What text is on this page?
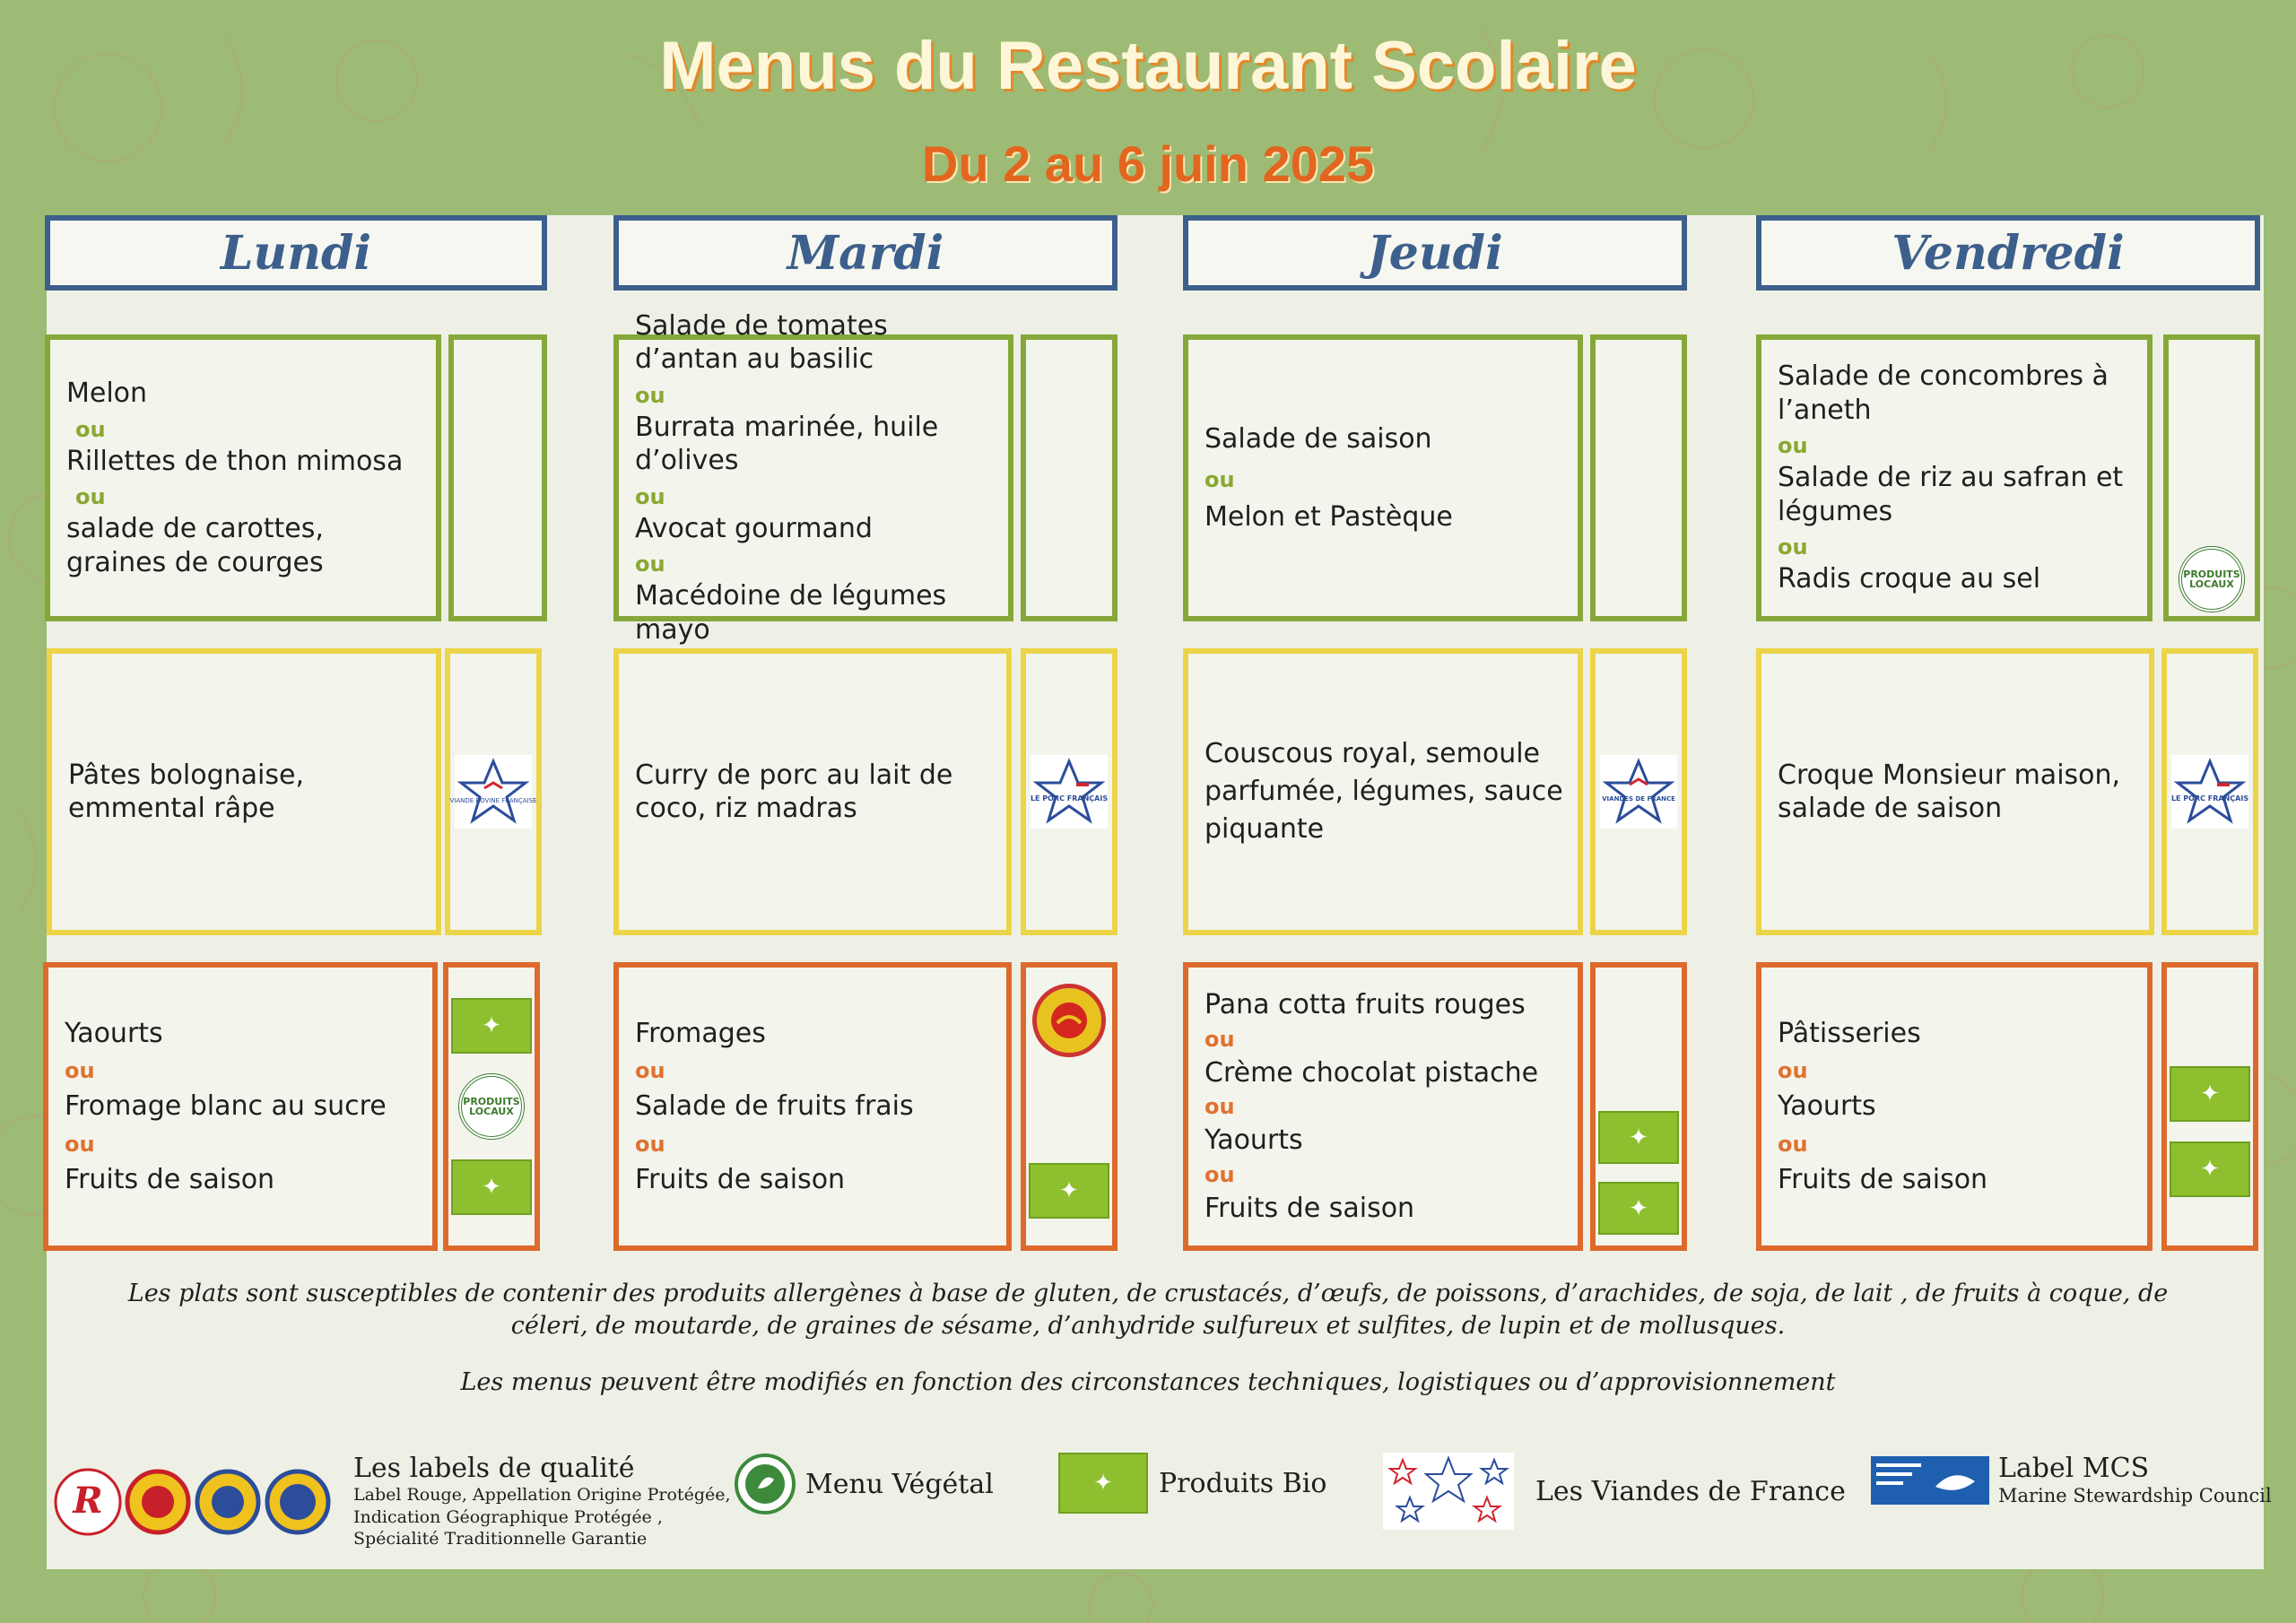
Menus du Restaurant Scolaire
Du 2 au 6 juin 2025
Lundi	Mardi	Jeudi	Vendredi
Melon
ou
Rillettes de thon mimosa
ou
salade de carottes, graines de courges
Pâtes bolognaise, emmental râpe	VIANDE BOVINE FRANÇAISE
Yaourts
ou
Fromage blanc au sucre
ou
Fruits de saison
✦
PRODUITS LOCAUX
✦
Salade de tomates d’antan au basilic
ou
Burrata marinée, huile d’olives
ou
Avocat gourmand
ou
Macédoine de légumes mayo
Curry de porc au lait de coco, riz madras	LE PORC FRANÇAIS
Fromages
ou
Salade de fruits frais
ou
Fruits de saison	✦
Salade de saison
ou
Melon et Pastèque
Couscous royal, semoule parfumée, légumes, sauce piquante
VIANDES DE FRANCE
Pana cotta fruits rouges
ou
Crème chocolat pistache
ou
Yaourts
ou
Fruits de saison
✦
✦
Salade de concombres à l’aneth
ou
Salade de riz au safran et légumes
ou
Radis croque au sel	PRODUITS LOCAUX
Croque Monsieur maison, salade de saison	LE PORC FRANÇAIS
Pâtisseries
ou
Yaourts
ou
Fruits de saison
✦
✦
Les plats sont susceptibles de contenir des produits allergènes à base de gluten, de crustacés, d’œufs, de poissons, d’arachides, de soja, de lait , de fruits à coque, de céleri, de moutarde, de graines de sésame, d’anhydride sulfureux et sulfites, de lupin et de mollusques.
Les menus peuvent être modifiés en fonction des circonstances techniques, logistiques ou d’approvisionnement
R
Les labels de qualité
Label Rouge, Appellation Origine Protégée,
Indication Géographique Protégée ,
Spécialité Traditionnelle Garantie
Menu Végétal	✦	Produits Bio	Les Viandes de France
Label MCS
Marine Stewardship Council
